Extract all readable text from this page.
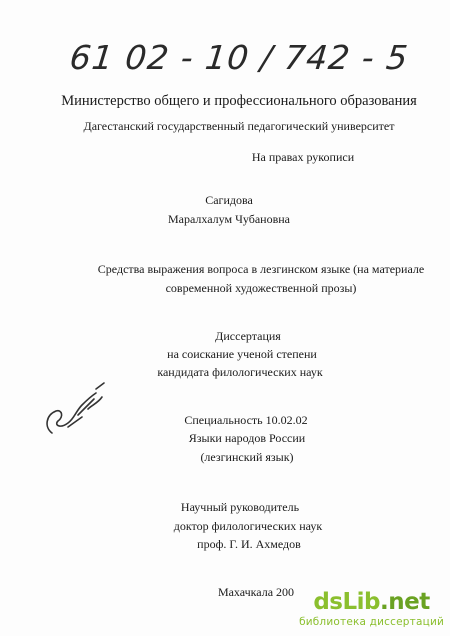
61 02 - 10 / 742 - 5
Министерство общего и профессионального образования
Дагестанский государственный педагогический университет
На правах рукописи
Сагидова
Маралхалум Чубановна
Средства выражения вопроса в лезгинском языке (на материале
современной художественной прозы)
Диссертация
на соискание ученой степени
кандидата филологических наук
Специальность 10.02.02
Языки народов России
(лезгинский язык)
Научный руководитель
доктор филологических наук
проф. Г. И. Ахмедов
Махачкала 200 dsLib.net
библиотека диссертаций
